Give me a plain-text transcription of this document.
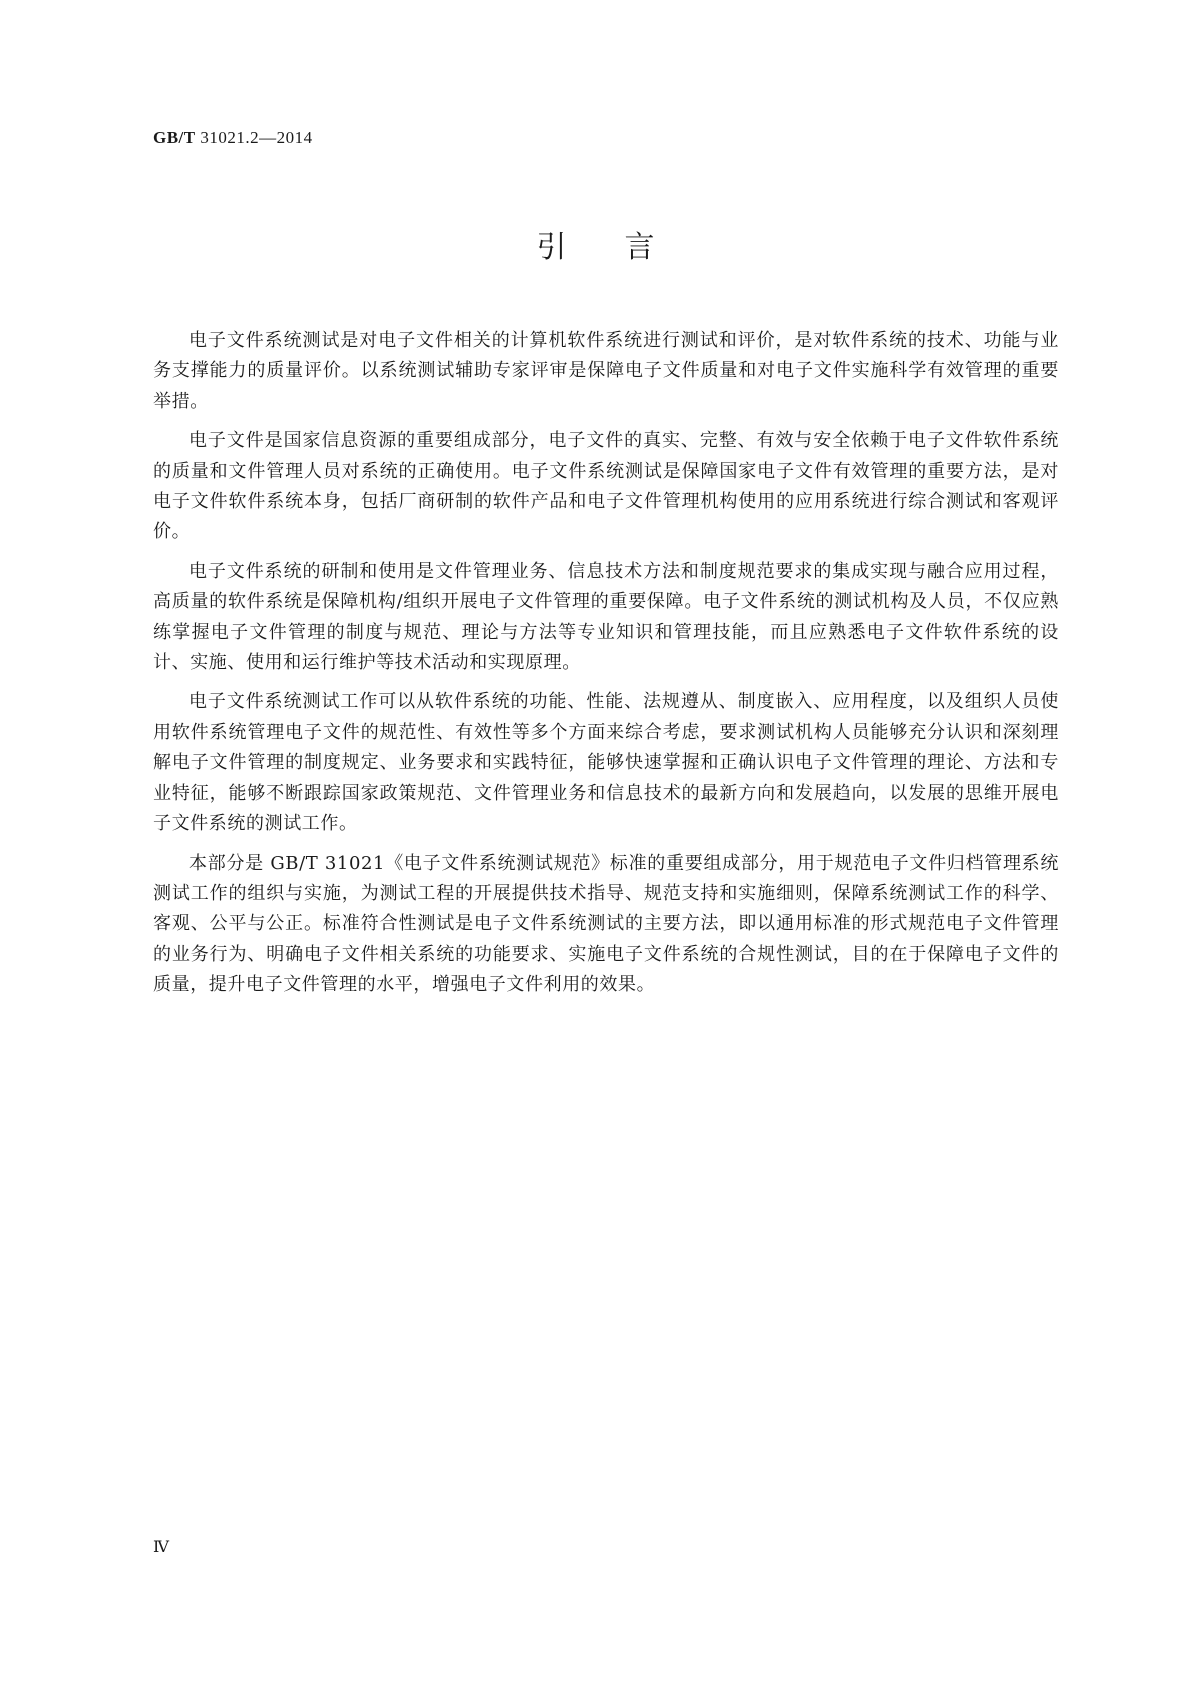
GB/T 31021.2—2014
引 言

电子文件系统测试是对电子文件相关的计算机软件系统进行测试和评价，是对软件系统的技术、功能与业务支撑能力的质量评价。以系统测试辅助专家评审是保障电子文件质量和对电子文件实施科学有效管理的重要举措。

电子文件是国家信息资源的重要组成部分，电子文件的真实、完整、有效与安全依赖于电子文件软件系统的质量和文件管理人员对系统的正确使用。电子文件系统测试是保障国家电子文件有效管理的重要方法，是对电子文件软件系统本身，包括厂商研制的软件产品和电子文件管理机构使用的应用系统进行综合测试和客观评价。

电子文件系统的研制和使用是文件管理业务、信息技术方法和制度规范要求的集成实现与融合应用过程，高质量的软件系统是保障机构/组织开展电子文件管理的重要保障。电子文件系统的测试机构及人员，不仅应熟练掌握电子文件管理的制度与规范、理论与方法等专业知识和管理技能，而且应熟悉电子文件软件系统的设计、实施、使用和运行维护等技术活动和实现原理。

电子文件系统测试工作可以从软件系统的功能、性能、法规遵从、制度嵌入、应用程度，以及组织人员使用软件系统管理电子文件的规范性、有效性等多个方面来综合考虑，要求测试机构人员能够充分认识和深刻理解电子文件管理的制度规定、业务要求和实践特征，能够快速掌握和正确认识电子文件管理的理论、方法和专业特征，能够不断跟踪国家政策规范、文件管理业务和信息技术的最新方向和发展趋向，以发展的思维开展电子文件系统的测试工作。

本部分是 GB/T 31021《电子文件系统测试规范》标准的重要组成部分，用于规范电子文件归档管理系统测试工作的组织与实施，为测试工程的开展提供技术指导、规范支持和实施细则，保障系统测试工作的科学、客观、公平与公正。标准符合性测试是电子文件系统测试的主要方法，即以通用标准的形式规范电子文件管理的业务行为、明确电子文件相关系统的功能要求、实施电子文件系统的合规性测试，目的在于保障电子文件的质量，提升电子文件管理的水平，增强电子文件利用的效果。

Ⅳ
